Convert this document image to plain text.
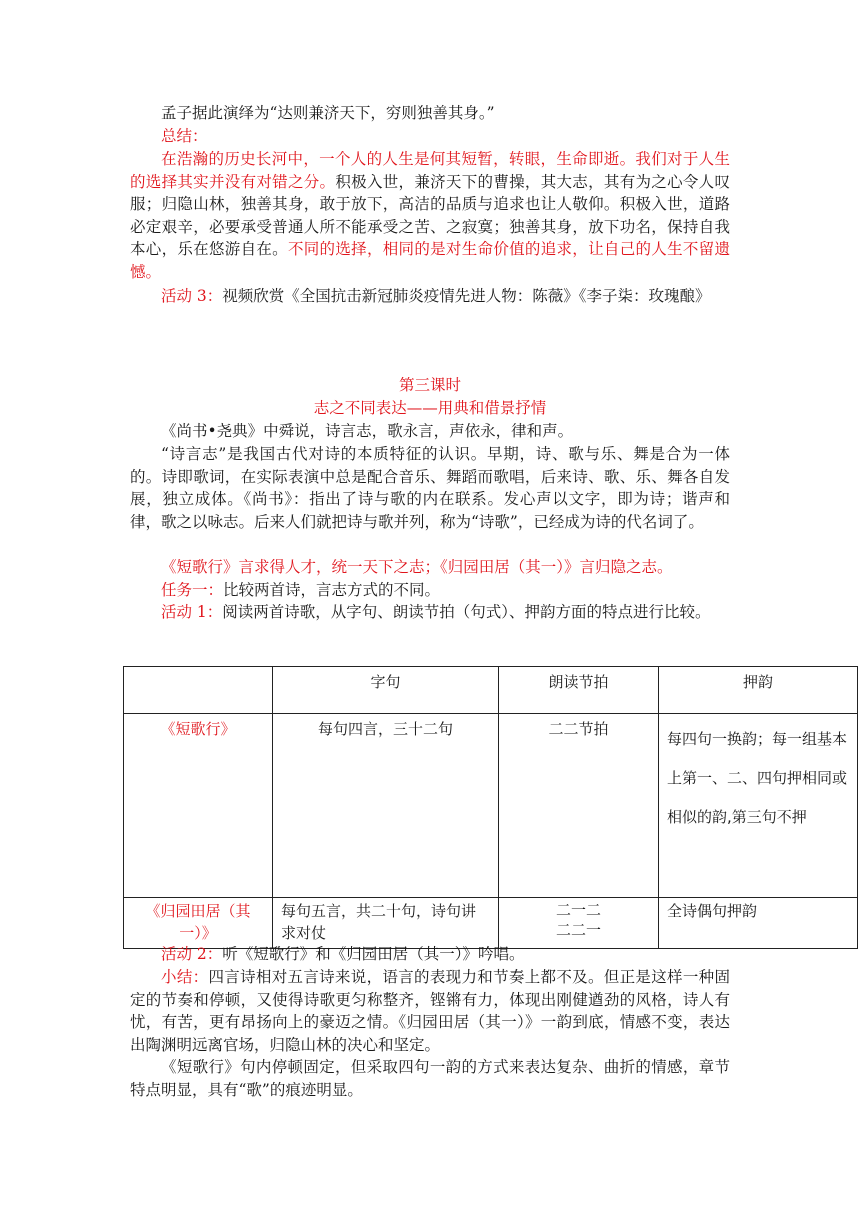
孟子据此演绎为“达则兼济天下，穷则独善其身。”

总结：

在浩瀚的历史长河中，一个人的人生是何其短暂，转眼，生命即逝。我们对于人生的选择其实并没有对错之分。积极入世，兼济天下的曹操，其大志，其有为之心令人叹服；归隐山林，独善其身，敢于放下，高洁的品质与追求也让人敬仰。积极入世，道路必定艰辛，必要承受普通人所不能承受之苦、之寂寞；独善其身，放下功名，保持自我本心，乐在悠游自在。不同的选择，相同的是对生命价值的追求，让自己的人生不留遗憾。

活动 3：视频欣赏《全国抗击新冠肺炎疫情先进人物：陈薇》《李子柒：玫瑰酿》

第三课时

志之不同表达——用典和借景抒情

《尚书•尧典》中舜说，诗言志，歌永言，声依永，律和声。

“诗言志”是我国古代对诗的本质特征的认识。早期，诗、歌与乐、舞是合为一体的。诗即歌词，在实际表演中总是配合音乐、舞蹈而歌唱，后来诗、歌、乐、舞各自发展，独立成体。《尚书》：指出了诗与歌的内在联系。发心声以文字，即为诗；谐声和律，歌之以咏志。后来人们就把诗与歌并列，称为“诗歌”，已经成为诗的代名词了。

《短歌行》言求得人才，统一天下之志；《归园田居（其一）》言归隐之志。

任务一：比较两首诗，言志方式的不同。

活动 1：阅读两首诗歌，从字句、朗读节拍（句式）、押韵方面的特点进行比较。

	字句	朗读节拍	押韵
《短歌行》	每句四言，三十二句	二二节拍	每四句一换韵；每一组基本上第一、二、四句押相同或相似的韵,第三句不押

《归园田居（其一）》	每句五言，共二十句，诗句讲求对仗	二一二
二二一	全诗偶句押韵

活动 2：听《短歌行》和《归园田居（其一）》吟唱。

小结：四言诗相对五言诗来说，语言的表现力和节奏上都不及。但正是这样一种固定的节奏和停顿，又使得诗歌更匀称整齐，铿锵有力，体现出刚健遒劲的风格，诗人有忧，有苦，更有昂扬向上的豪迈之情。《归园田居（其一）》一韵到底，情感不变，表达出陶渊明远离官场，归隐山林的决心和坚定。

《短歌行》句内停顿固定，但采取四句一韵的方式来表达复杂、曲折的情感，章节特点明显，具有“歌”的痕迹明显。
